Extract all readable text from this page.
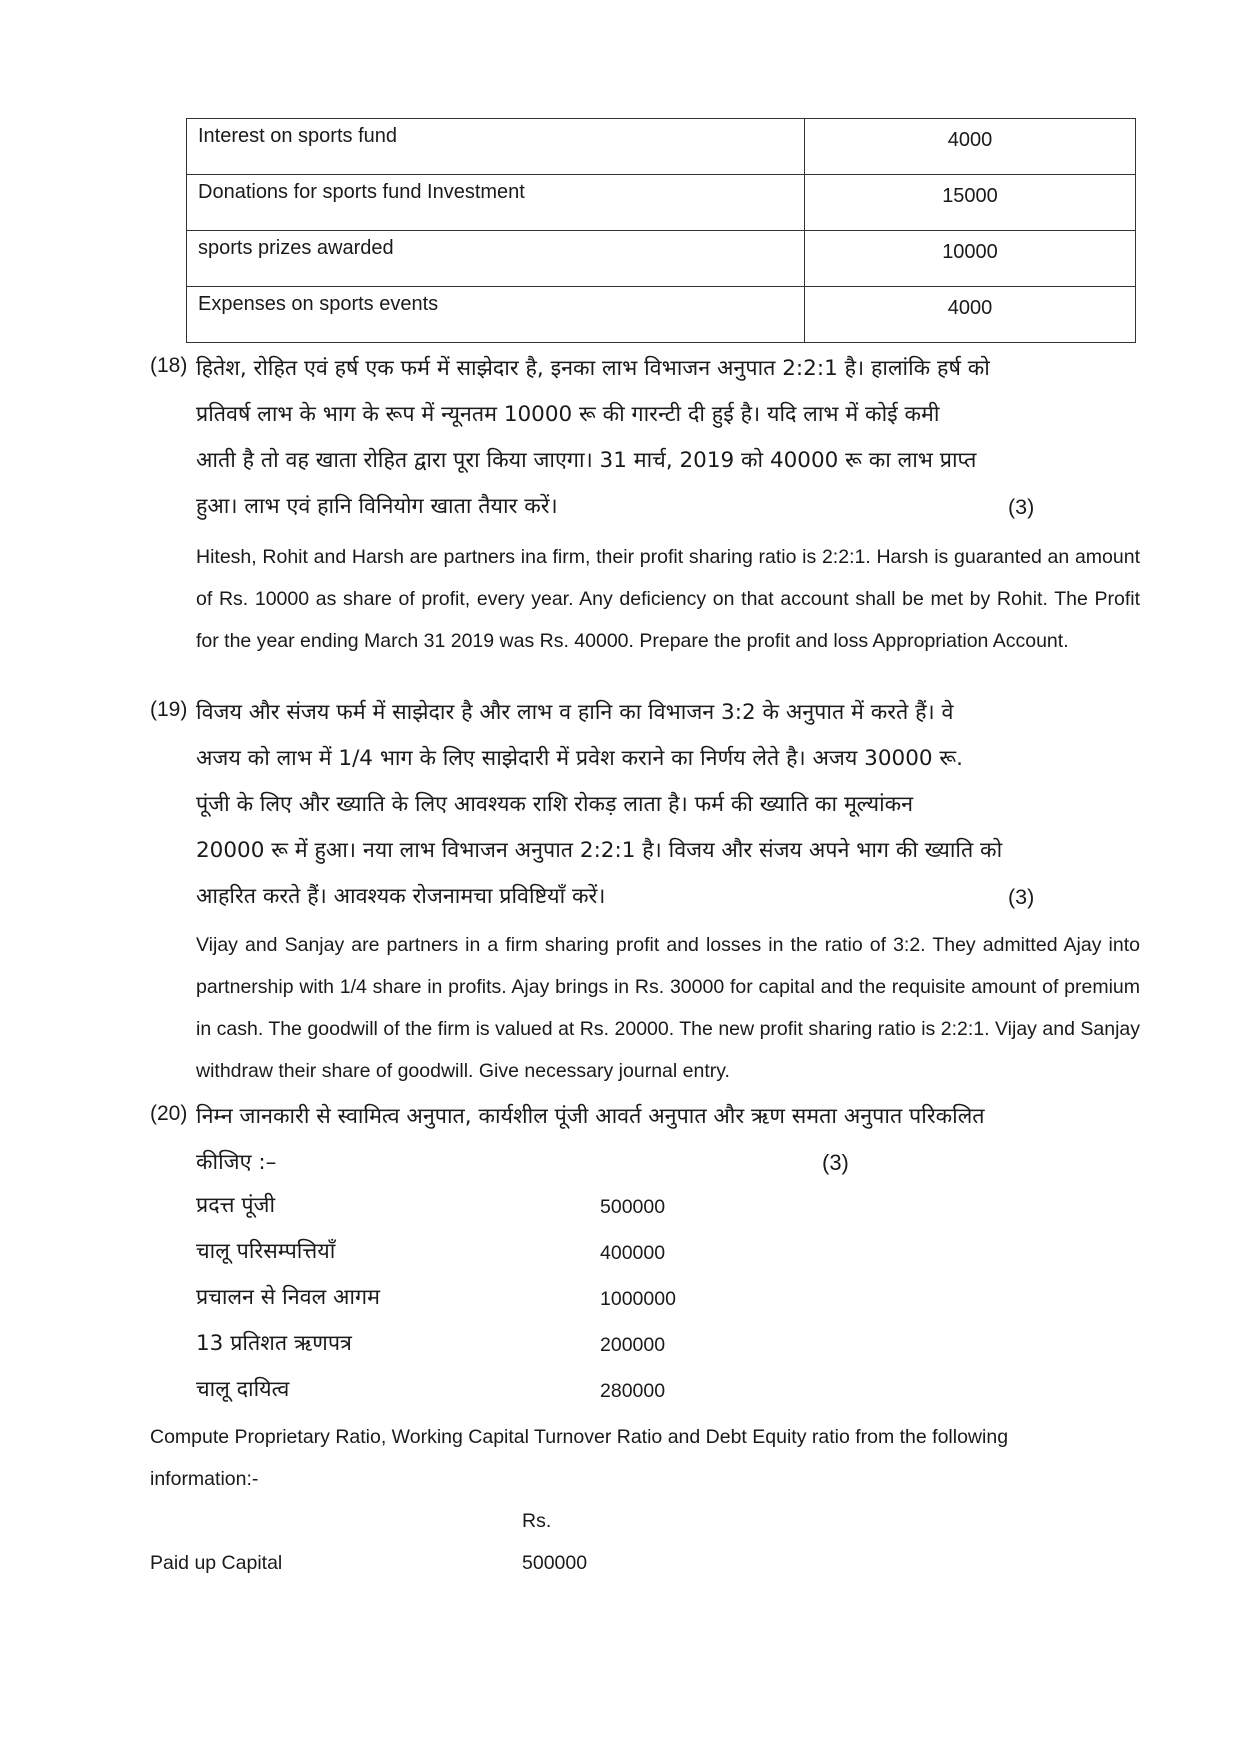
Interest on sports fund	4000
Donations for sports fund Investment	15000
sports prizes awarded	10000
Expenses on sports events	4000
(18) हितेश, रोहित एवं हर्ष एक फर्म में साझेदार है, इनका लाभ विभाजन अनुपात 2:2:1 है। हालांकि हर्ष को
प्रतिवर्ष लाभ के भाग के रूप में न्यूनतम 10000 रू की गारन्टी दी हुई है। यदि लाभ में कोई कमी
आती है तो वह खाता रोहित द्वारा पूरा किया जाएगा। 31 मार्च, 2019 को 40000 रू का लाभ प्राप्त
हुआ। लाभ एवं हानि विनियोग खाता तैयार करें।	(3)
Hitesh, Rohit and Harsh are partners ina firm, their profit sharing ratio is 2:2:1. Harsh is guaranted an amount of Rs. 10000 as share of profit, every year. Any deficiency on that account shall be met by Rohit. The Profit for the year ending March 31 2019 was Rs. 40000. Prepare the profit and loss Appropriation Account.
(19) विजय और संजय फर्म में साझेदार है और लाभ व हानि का विभाजन 3:2 के अनुपात में करते हैं। वे
अजय को लाभ में 1/4 भाग के लिए साझेदारी में प्रवेश कराने का निर्णय लेते है। अजय 30000 रू.
पूंजी के लिए और ख्याति के लिए आवश्यक राशि रोकड़ लाता है। फर्म की ख्याति का मूल्यांकन
20000 रू में हुआ। नया लाभ विभाजन अनुपात 2:2:1 है। विजय और संजय अपने भाग की ख्याति को
आहरित करते हैं। आवश्यक रोजनामचा प्रविष्टियाँ करें।	(3)
Vijay and Sanjay are partners in a firm sharing profit and losses in the ratio of 3:2. They admitted Ajay into partnership with 1/4 share in profits. Ajay brings in Rs. 30000 for capital and the requisite amount of premium in cash. The goodwill of the firm is valued at Rs. 20000. The new profit sharing ratio is 2:2:1. Vijay and Sanjay withdraw their share of goodwill. Give necessary journal entry.
(20) निम्न जानकारी से स्वामित्व अनुपात, कार्यशील पूंजी आवर्त अनुपात और ऋण समता अनुपात परिकलित
कीजिए :–	(3)
प्रदत्त पूंजी	500000
चालू परिसम्पत्तियाँ	400000
प्रचालन से निवल आगम	1000000
13 प्रतिशत ऋणपत्र	200000
चालू दायित्व	280000
Compute Proprietary Ratio, Working Capital Turnover Ratio and Debt Equity ratio from the following
information:-
Rs.
Paid up Capital	500000
